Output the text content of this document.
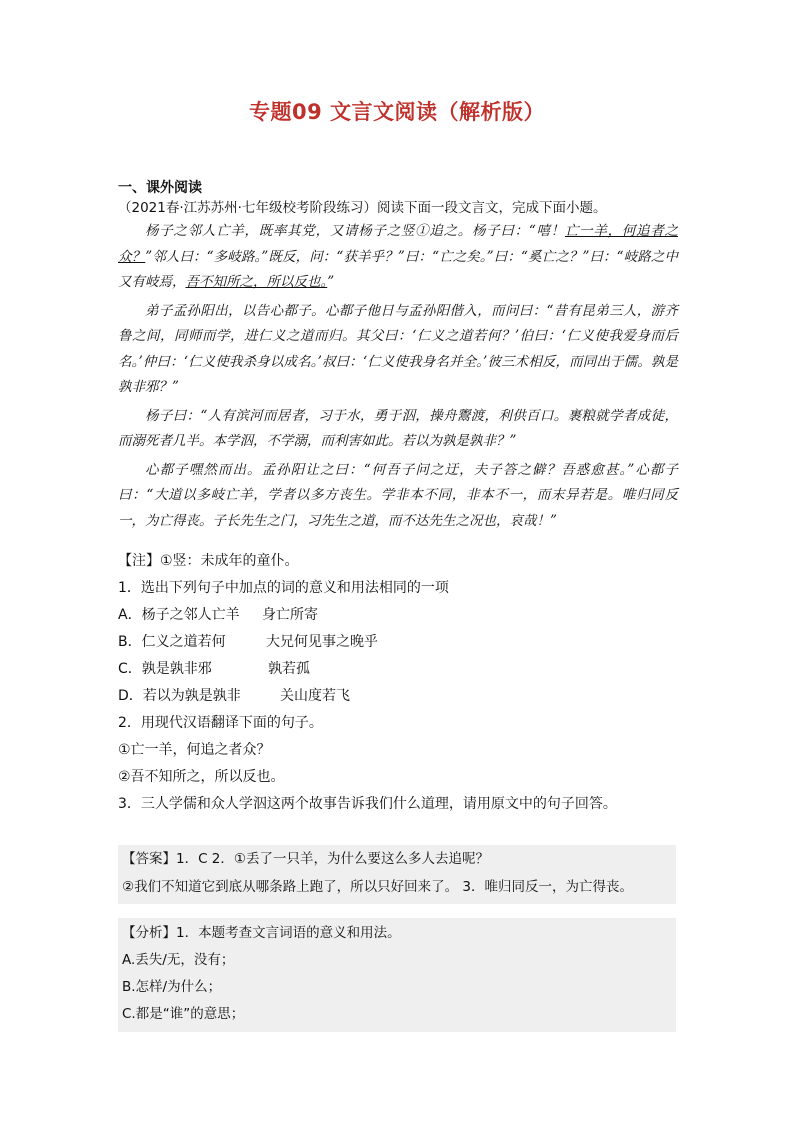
专题09 文言文阅读（解析版）
一、课外阅读
（2021春·江苏苏州·七年级校考阶段练习）阅读下面一段文言文，完成下面小题。

杨子之邻人亡羊，既率其党，又请杨子之竖①追之。杨子曰：“嘻！亡一羊，何追者之众？”邻人曰：“多岐路。”既反，问：“获羊乎？”曰：“亡之矣。”曰：“奚亡之？”曰：“岐路之中又有岐焉，吾不知所之，所以反也。”

弟子孟孙阳出，以告心都子。心都子他日与孟孙阳偕入，而问曰：“昔有昆弟三人，游齐鲁之间，同师而学，进仁义之道而归。其父曰：‘仁义之道若何？’伯曰：‘仁义使我爱身而后名。’仲曰：‘仁义使我杀身以成名。’叔曰：‘仁义使我身名并全。’彼三术相反，而同出于儒。孰是孰非邪？”

杨子曰：“人有滨河而居者，习于水，勇于泅，操舟鬻渡，利供百口。裹粮就学者成徒，而溺死者几半。本学泅，不学溺，而利害如此。若以为孰是孰非？”

心都子嘿然而出。孟孙阳让之曰：“何吾子问之迂，夫子答之僻？吾惑愈甚。”心都子曰：“大道以多岐亡羊，学者以多方丧生。学非本不同，非本不一，而末异若是。唯归同反一，为亡得丧。子长先生之门，习先生之道，而不达先生之况也，哀哉！”

【注】①竖：未成年的童仆。
1．选出下列句子中加点的词的意义和用法相同的一项
A．杨子之邻人亡羊 身亡所寄
B．仁义之道若何	大兄何见事之晚乎
C．孰是孰非邪	孰若孤
D．若以为孰是孰非	关山度若飞
2．用现代汉语翻译下面的句子。
①亡一羊，何追之者众？
②吾不知所之，所以反也。
3．三人学儒和众人学泅这两个故事告诉我们什么道理，请用原文中的句子回答。
【答案】1．C 2．①丢了一只羊，为什么要这么多人去追呢？
②我们不知道它到底从哪条路上跑了，所以只好回来了。 3．唯归同反一，为亡得丧。
【分析】1．本题考查文言词语的意义和用法。
A.丢失/无，没有；
B.怎样/为什么；
C.都是“谁”的意思；
